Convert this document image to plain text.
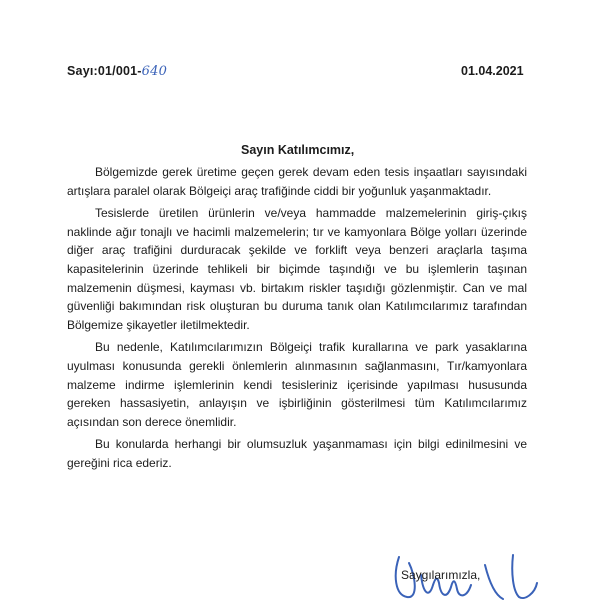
Sayı:01/001-640	01.04.2021
Sayın Katılımcımız,

Bölgemizde gerek üretime geçen gerek devam eden tesis inşaatları sayısındaki artışlara paralel olarak Bölgeiçi araç trafiğinde ciddi bir yoğunluk yaşanmaktadır.

Tesislerde üretilen ürünlerin ve/veya hammadde malzemelerinin giriş-çıkış naklinde ağır tonajlı ve hacimli malzemelerin; tır ve kamyonlara Bölge yolları üzerinde diğer araç trafiğini durduracak şekilde ve forklift veya benzeri araçlarla taşıma kapasitelerinin üzerinde tehlikeli bir biçimde taşındığı ve bu işlemlerin taşınan malzemenin düşmesi, kayması vb. birtakım riskler taşıdığı gözlenmiştir. Can ve mal güvenliği bakımından risk oluşturan bu duruma tanık olan Katılımcılarımız tarafından Bölgemize şikayetler iletilmektedir.

Bu nedenle, Katılımcılarımızın Bölgeiçi trafik kurallarına ve park yasaklarına uyulması konusunda gerekli önlemlerin alınmasının sağlanmasını, Tır/kamyonlara malzeme indirme işlemlerinin kendi tesisleriniz içerisinde yapılması hususunda gereken hassasiyetin, anlayışın ve işbirliğinin gösterilmesi tüm Katılımcılarımız açısından son derece önemlidir.

Bu konularda herhangi bir olumsuzluk yaşanmaması için bilgi edinilmesini ve gereğini rica ederiz.

Saygılarımızla,
